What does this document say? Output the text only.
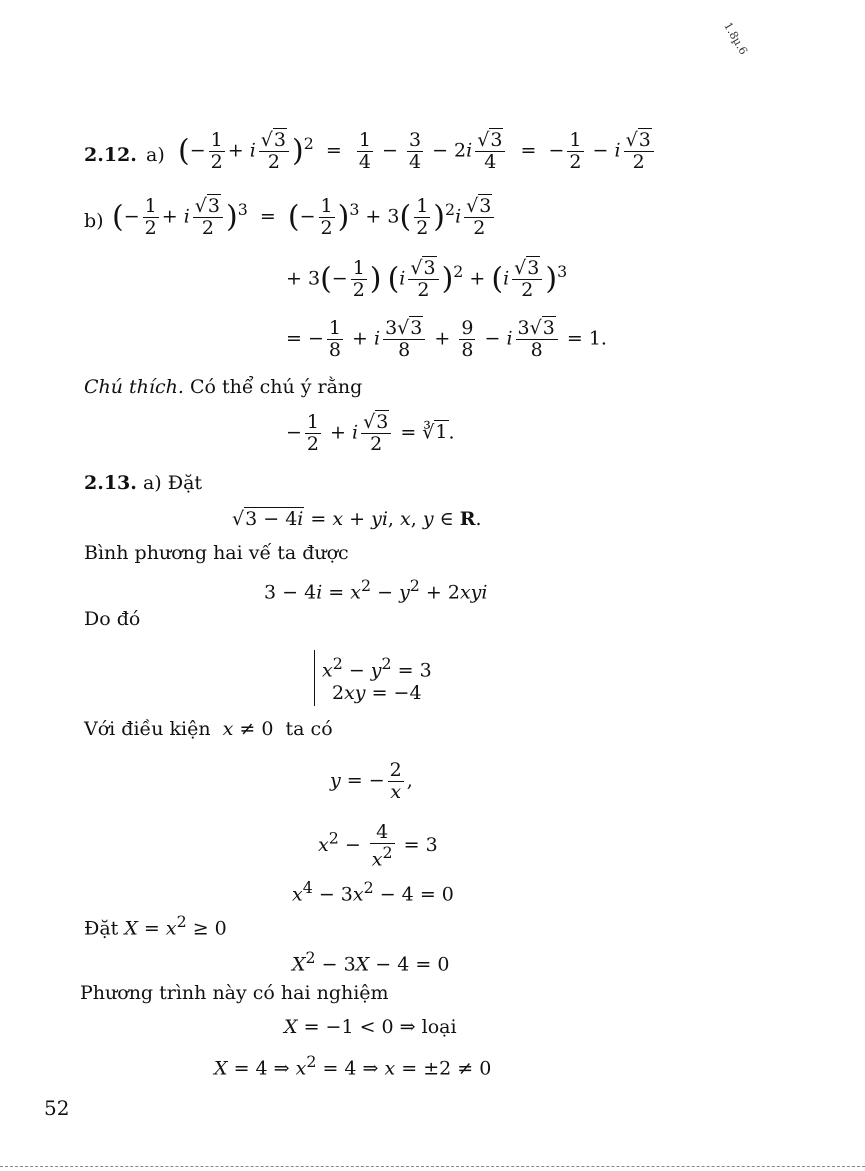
1.8µ.6
2.12. a) (− $\frac{1}{2} + i \frac{√3}{2} )^2 = \frac{1}{4} - \frac{3}{4} - 2i \frac{√3}{4}$ =  − $\frac{1}{2} - i \frac{√3}{2}$
b) (− $\frac{1}{2} + i \frac{√3}{2} )^3$  =  (− $\frac{1}{2} )^3 + 3( \frac{1}{2} )^2i \frac{√3}{2}$
+ $3(- \frac{1}{2}$ ) $(i \frac{√3}{2} )^2 + (i \frac{√3}{2} )^3$
= − $\frac{1}{8} + i \frac{3√3}{8} + \frac{9}{8} - i \frac{3√3}{8} = 1$.
Chú thích. Có thể chú ý rằng
− $\frac{1}{2} + i \frac{√3}{2}$ = ∛1.
2.13. a) Đặt
√3 − 4i = x + yi, x, y ∈ R.
Bình phương hai vế ta được
$3 - 4i = x^2 - y^2 + 2xyi$
Do đó
$x^2 - y^2 = 3$
2xy = −4
Với điều kiện x ≠ 0  ta có
y = − $\frac{2}{x}$ ,
$x^2 - \frac{4}{x^2} = 3$
$x^4 - 3x^2 - 4 = 0$
Đặt $X = x^2 \ge 0$
$X^2 - 3X - 4 = 0$
Phương trình này có hai nghiệm
X = −1 < 0 ⇒ loại
X = 4 ⇒ $x^2 = 4$ ⇒ x = ±2 ≠ 0
52
